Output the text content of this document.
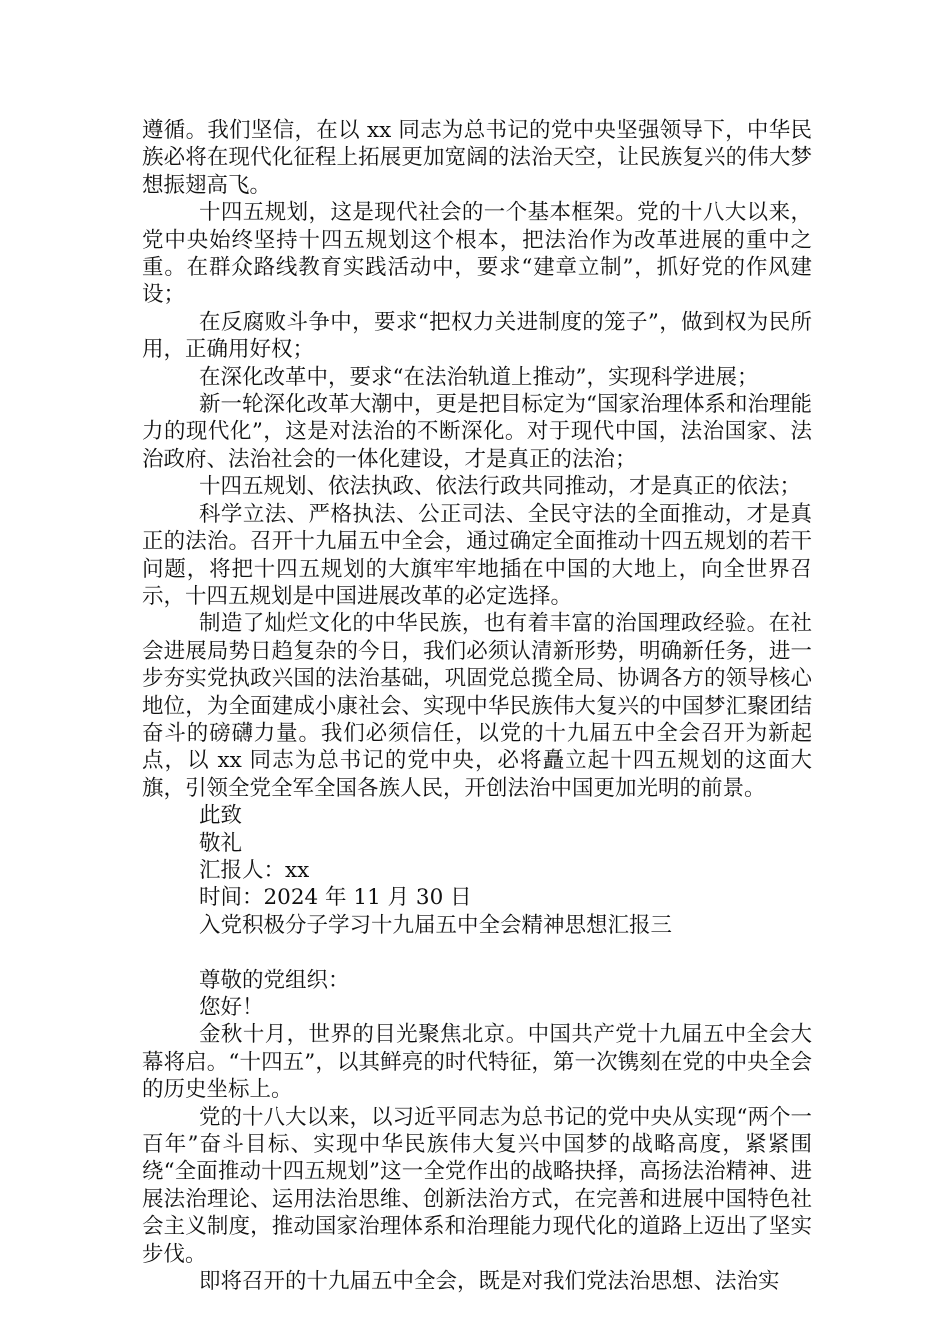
遵循。我们坚信，在以 xx 同志为总书记的党中央坚强领导下，中华民族必将在现代化征程上拓展更加宽阔的法治天空，让民族复兴的伟大梦想振翅高飞。

十四五规划，这是现代社会的一个基本框架。党的十八大以来，党中央始终坚持十四五规划这个根本，把法治作为改革进展的重中之重。在群众路线教育实践活动中，要求“建章立制”，抓好党的作风建设；

在反腐败斗争中，要求“把权力关进制度的笼子”，做到权为民所用，正确用好权；

在深化改革中，要求“在法治轨道上推动”，实现科学进展；

新一轮深化改革大潮中，更是把目标定为“国家治理体系和治理能力的现代化”，这是对法治的不断深化。对于现代中国，法治国家、法治政府、法治社会的一体化建设，才是真正的法治；

十四五规划、依法执政、依法行政共同推动，才是真正的依法；

科学立法、严格执法、公正司法、全民守法的全面推动，才是真正的法治。召开十九届五中全会，通过确定全面推动十四五规划的若干问题，将把十四五规划的大旗牢牢地插在中国的大地上，向全世界召示，十四五规划是中国进展改革的必定选择。

制造了灿烂文化的中华民族，也有着丰富的治国理政经验。在社会进展局势日趋复杂的今日，我们必须认清新形势，明确新任务，进一步夯实党执政兴国的法治基础，巩固党总揽全局、协调各方的领导核心地位，为全面建成小康社会、实现中华民族伟大复兴的中国梦汇聚团结奋斗的磅礴力量。我们必须信任，以党的十九届五中全会召开为新起点，以 xx 同志为总书记的党中央，必将矗立起十四五规划的这面大旗，引领全党全军全国各族人民，开创法治中国更加光明的前景。

此致

敬礼

汇报人：xx

时间：2024 年 11 月 30 日

入党积极分子学习十九届五中全会精神思想汇报三

尊敬的党组织：

您好！

金秋十月，世界的目光聚焦北京。中国共产党十九届五中全会大幕将启。“十四五”，以其鲜亮的时代特征，第一次镌刻在党的中央全会的历史坐标上。

党的十八大以来，以习近平同志为总书记的党中央从实现“两个一百年”奋斗目标、实现中华民族伟大复兴中国梦的战略高度，紧紧围绕“全面推动十四五规划”这一全党作出的战略抉择，高扬法治精神、进展法治理论、运用法治思维、创新法治方式，在完善和进展中国特色社会主义制度，推动国家治理体系和治理能力现代化的道路上迈出了坚实步伐。

即将召开的十九届五中全会，既是对我们党法治思想、法治实
